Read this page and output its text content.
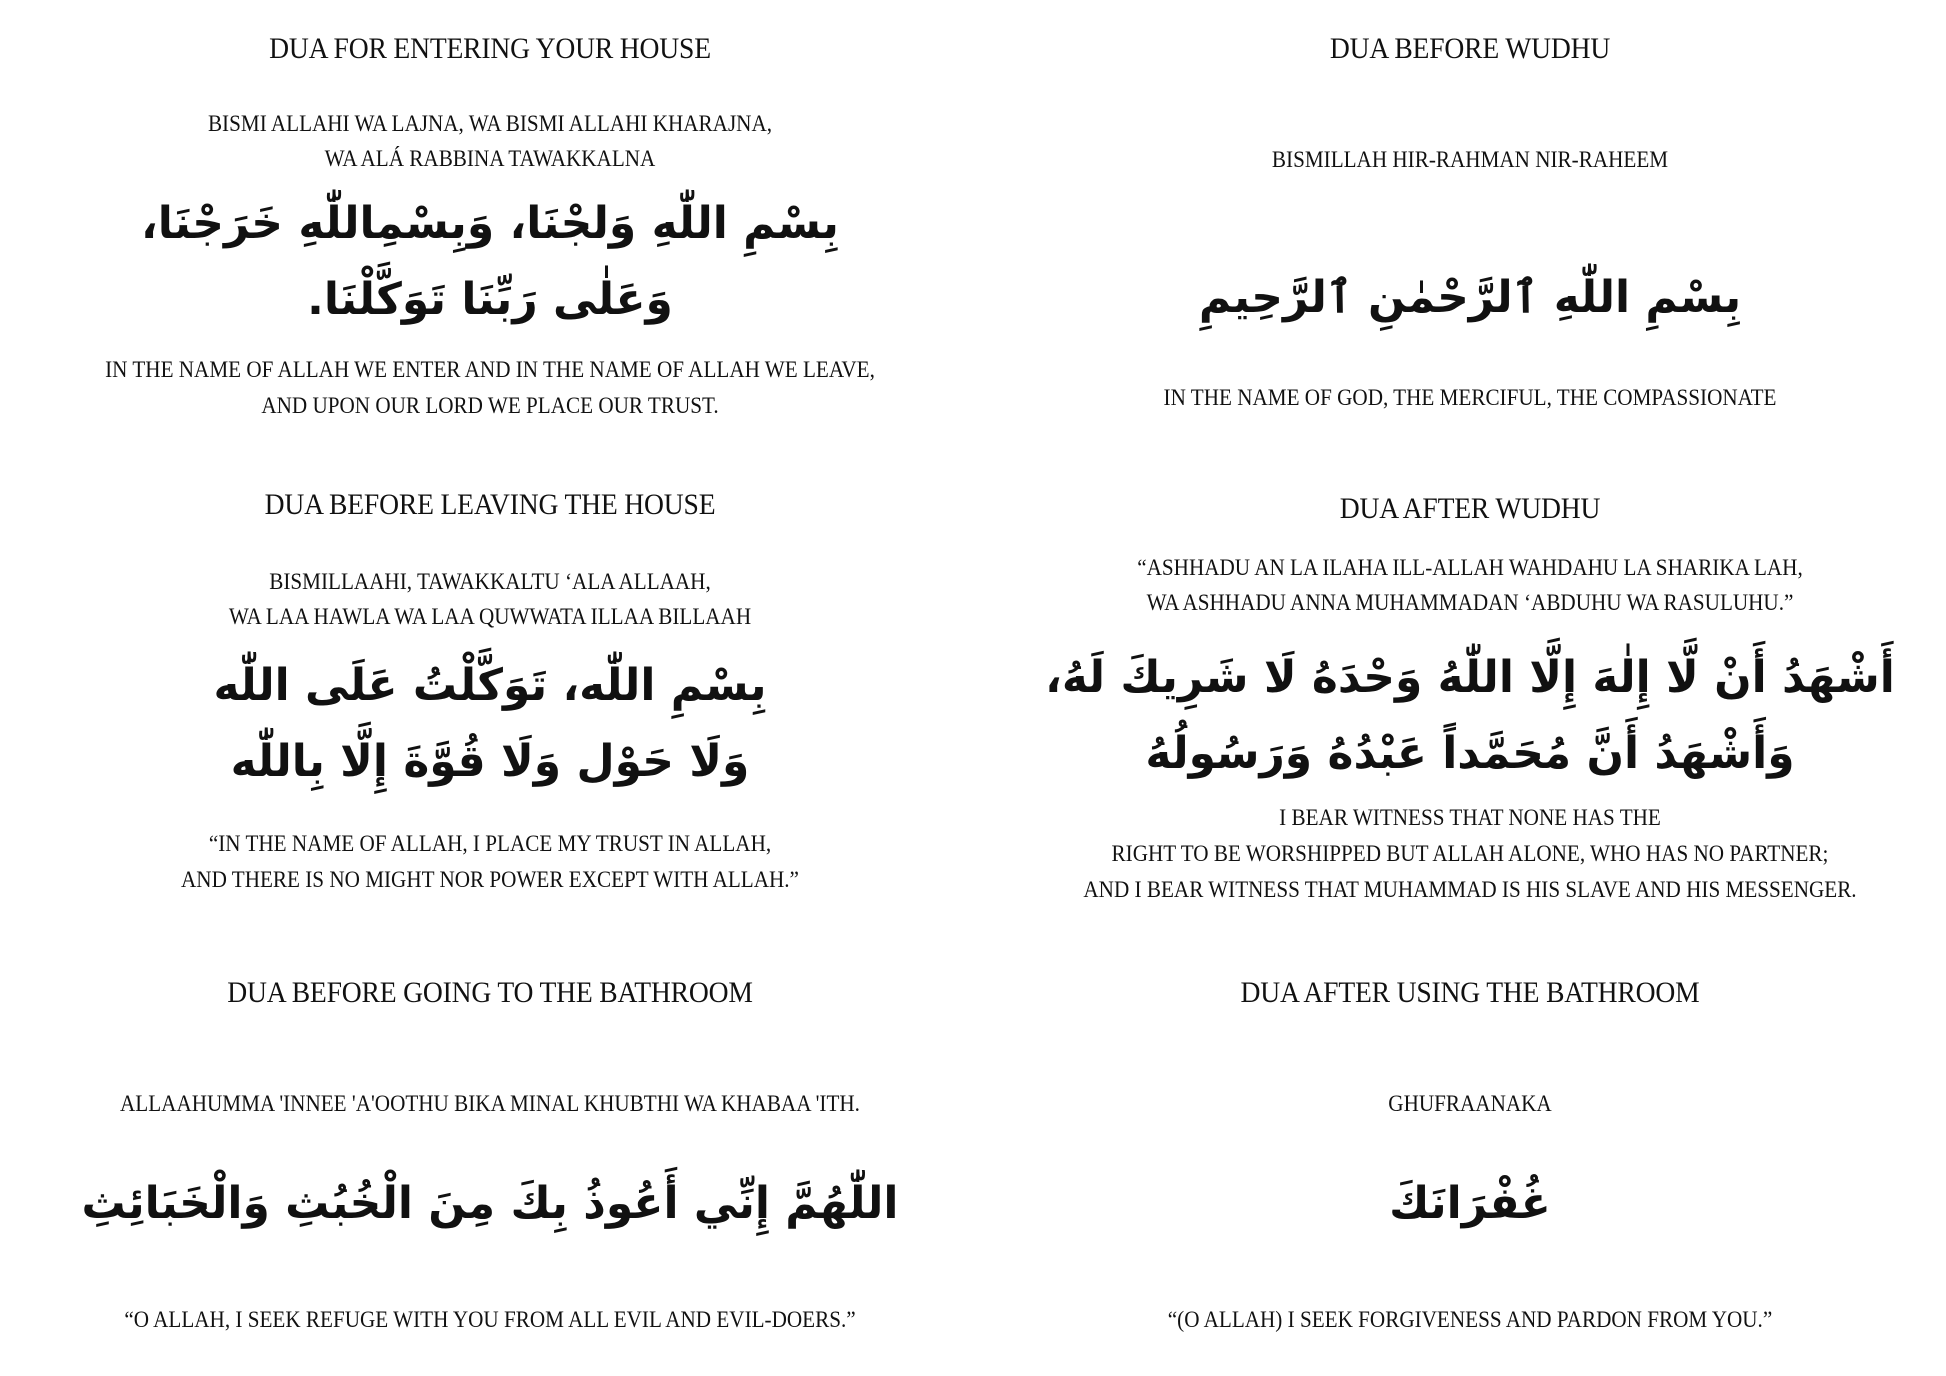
DUA FOR ENTERING YOUR HOUSE
BISMI ALLAHI WA LAJNA, WA BISMI ALLAHI KHARAJNA,
WA ALÁ RABBINA TAWAKKALNA
بِسْمِ اللّٰهِ وَلجْنَا، وَبِسْمِاللّٰهِ خَرَجْنَا،
وَعَلٰى رَبِّنَا تَوَكَّلْنَا.
IN THE NAME OF ALLAH WE ENTER AND IN THE NAME OF ALLAH WE LEAVE,
AND UPON OUR LORD WE PLACE OUR TRUST.
DUA BEFORE WUDHU
BISMILLAH HIR-RAHMAN NIR-RAHEEM
بِسْمِ اللّٰهِ ٱلرَّحْمٰنِ ٱلرَّحِيمِ
IN THE NAME OF GOD, THE MERCIFUL, THE COMPASSIONATE
DUA BEFORE LEAVING THE HOUSE
BISMILLAAHI, TAWAKKALTU ‘ALA ALLAAH,
WA LAA HAWLA WA LAA QUWWATA ILLAA BILLAAH
بِسْمِ اللّٰه، تَوَكَّلْتُ عَلَى اللّٰه
وَلَا حَوْل وَلَا قُوَّةَ إِلَّا بِاللّٰه
“IN THE NAME OF ALLAH, I PLACE MY TRUST IN ALLAH,
AND THERE IS NO MIGHT NOR POWER EXCEPT WITH ALLAH.”
DUA AFTER WUDHU
“ASHHADU AN LA ILAHA ILL-ALLAH WAHDAHU LA SHARIKA LAH,
WA ASHHADU ANNA MUHAMMADAN ‘ABDUHU WA RASULUHU.”
أَشْهَدُ أَنْ لَّا إِلٰهَ إِلَّا اللّٰهُ وَحْدَهُ لَا شَرِيكَ لَهُ،
وَأَشْهَدُ أَنَّ مُحَمَّداً عَبْدُهُ وَرَسُولُهُ
I BEAR WITNESS THAT NONE HAS THE
RIGHT TO BE WORSHIPPED BUT ALLAH ALONE, WHO HAS NO PARTNER;
AND I BEAR WITNESS THAT MUHAMMAD IS HIS SLAVE AND HIS MESSENGER.
DUA BEFORE GOING TO THE BATHROOM
ALLAAHUMMA 'INNEE 'A'OOTHU BIKA MINAL KHUBTHI WA KHABAA 'ITH.
اللّٰهُمَّ إِنِّي أَعُوذُ بِكَ مِنَ الْخُبُثِ وَالْخَبَائِثِ
“O ALLAH, I SEEK REFUGE WITH YOU FROM ALL EVIL AND EVIL-DOERS.”
DUA AFTER USING THE BATHROOM
GHUFRAANAKA
غُفْرَانَكَ
“(O ALLAH) I SEEK FORGIVENESS AND PARDON FROM YOU.”
